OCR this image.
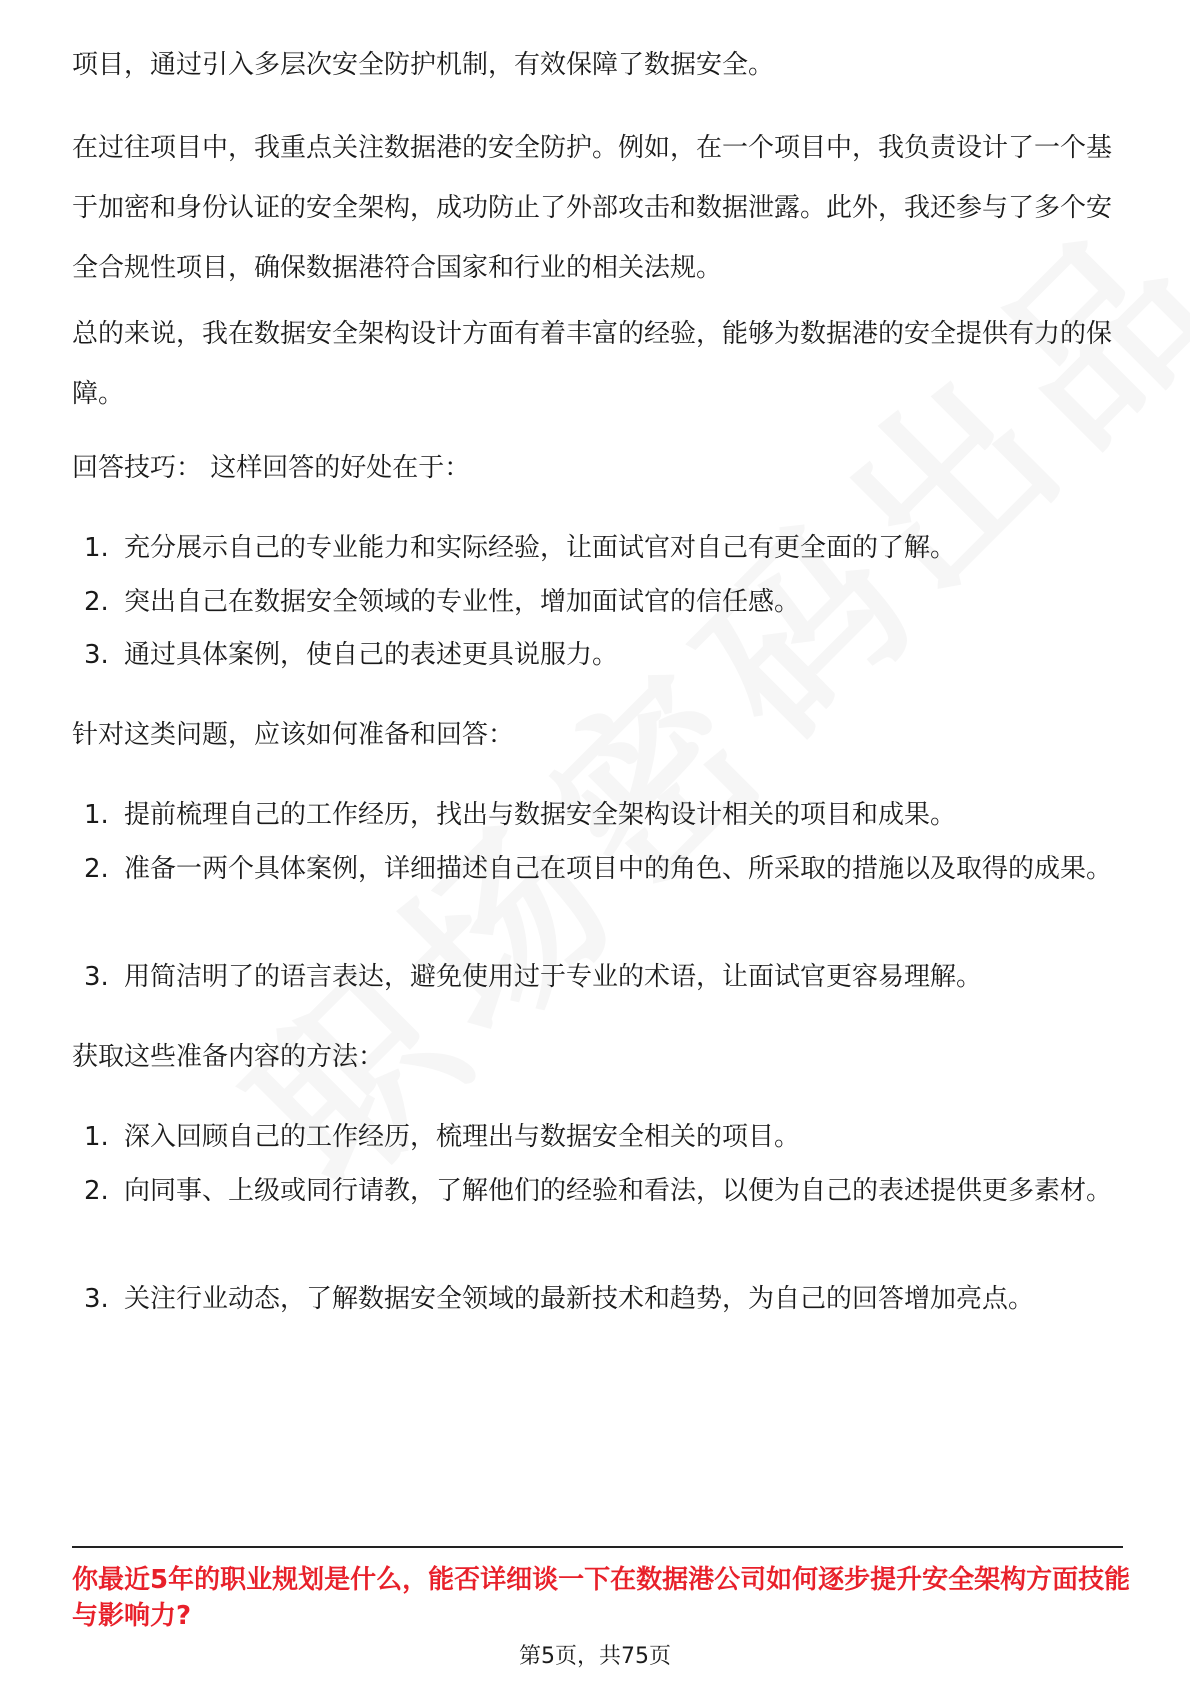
项目，通过引入多层次安全防护机制，有效保障了数据安全。

在过往项目中，我重点关注数据港的安全防护。例如，在一个项目中，我负责设计了一个基于加密和身份认证的安全架构，成功防止了外部攻击和数据泄露。此外，我还参与了多个安全合规性项目，确保数据港符合国家和行业的相关法规。

总的来说，我在数据安全架构设计方面有着丰富的经验，能够为数据港的安全提供有力的保障。

回答技巧： 这样回答的好处在于：

1. 充分展示自己的专业能力和实际经验，让面试官对自己有更全面的了解。
2. 突出自己在数据安全领域的专业性，增加面试官的信任感。
3. 通过具体案例，使自己的表述更具说服力。

针对这类问题，应该如何准备和回答：

1. 提前梳理自己的工作经历，找出与数据安全架构设计相关的项目和成果。
2. 准备一两个具体案例，详细描述自己在项目中的角色、所采取的措施以及取得的成果。
3. 用简洁明了的语言表达，避免使用过于专业的术语，让面试官更容易理解。

获取这些准备内容的方法：

1. 深入回顾自己的工作经历，梳理出与数据安全相关的项目。
2. 向同事、上级或同行请教，了解他们的经验和看法，以便为自己的表述提供更多素材。
3. 关注行业动态，了解数据安全领域的最新技术和趋势，为自己的回答增加亮点。
你最近5年的职业规划是什么，能否详细谈一下在数据港公司如何逐步提升安全架构方面技能与影响力?
第5页，共75页
